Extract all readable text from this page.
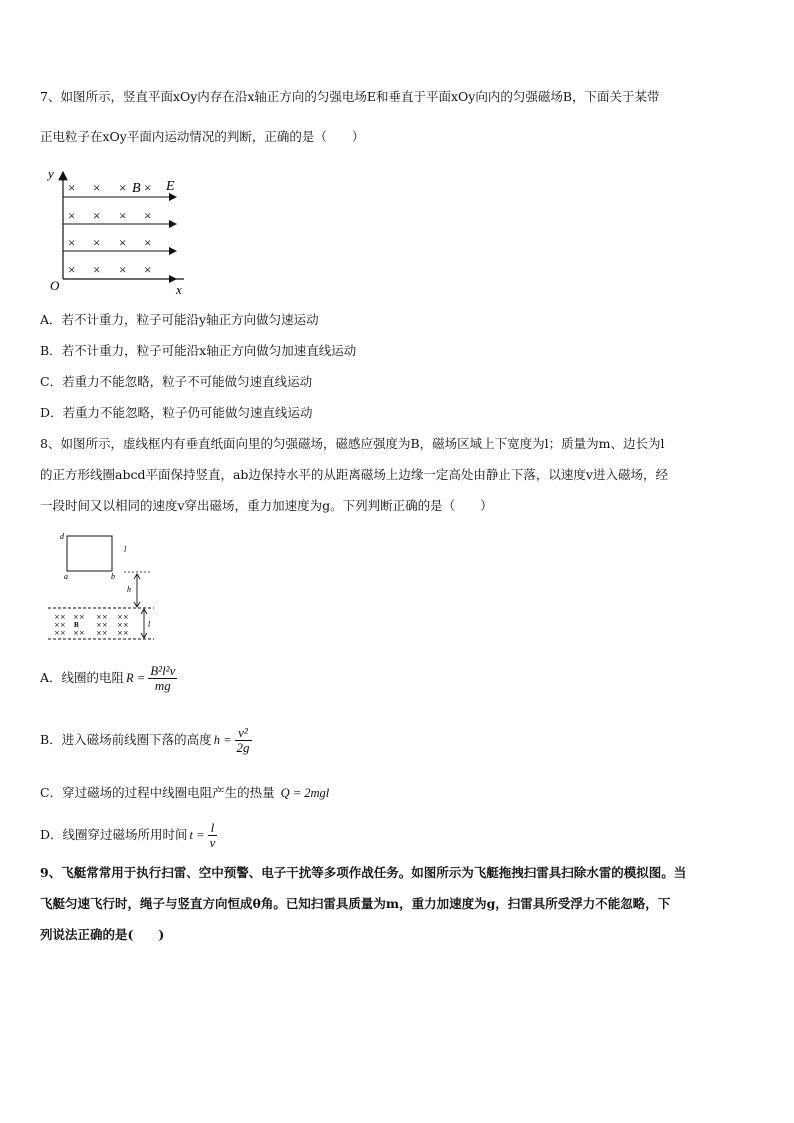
7、如图所示，竖直平面xOy内存在沿x轴正方向的匀强电场E和垂直于平面xOy向内的匀强磁场B，下面关于某带
正电粒子在xOy平面内运动情况的判断，正确的是（　　）
y
x
O
× × × B × E
× × × ×
× × × ×
× × × ×
A．若不计重力，粒子可能沿y轴正方向做匀速运动
B．若不计重力，粒子可能沿x轴正方向做匀加速直线运动
C．若重力不能忽略，粒子不可能做匀速直线运动
D．若重力不能忽略，粒子仍可能做匀速直线运动
8、如图所示，虚线框内有垂直纸面向里的匀强磁场，磁感应强度为B，磁场区域上下宽度为l；质量为m、边长为l
的正方形线圈abcd平面保持竖直，ab边保持水平的从距离磁场上边缘一定高处由静止下落，以速度v进入磁场，经
一段时间又以相同的速度v穿出磁场，重力加速度为g。下列判断正确的是（　　）
d
a	b
l
h
⨯⨯ ⨯⨯ ⨯⨯ ⨯⨯
⨯⨯	⨯⨯ ⨯⨯
⨯⨯ ⨯⨯ ⨯⨯ ⨯⨯
B	l
A．线圈的电阻 $R = \frac{\text{B²l²v}}{mg}$
B．进入磁场前线圈下落的高度 $h = \frac{\text{v²}}{2g}$
C．穿过磁场的过程中线圈电阻产生的热量 Q = 2mgl
D．线圈穿过磁场所用时间 $t = \frac{l}{v}$
9、飞艇常常用于执行扫雷、空中预警、电子干扰等多项作战任务。如图所示为飞艇拖拽扫雷具扫除水雷的模拟图。当
飞艇匀速飞行时，绳子与竖直方向恒成θ角。已知扫雷具质量为m，重力加速度为g，扫雷具所受浮力不能忽略，下
列说法正确的是(　　)
